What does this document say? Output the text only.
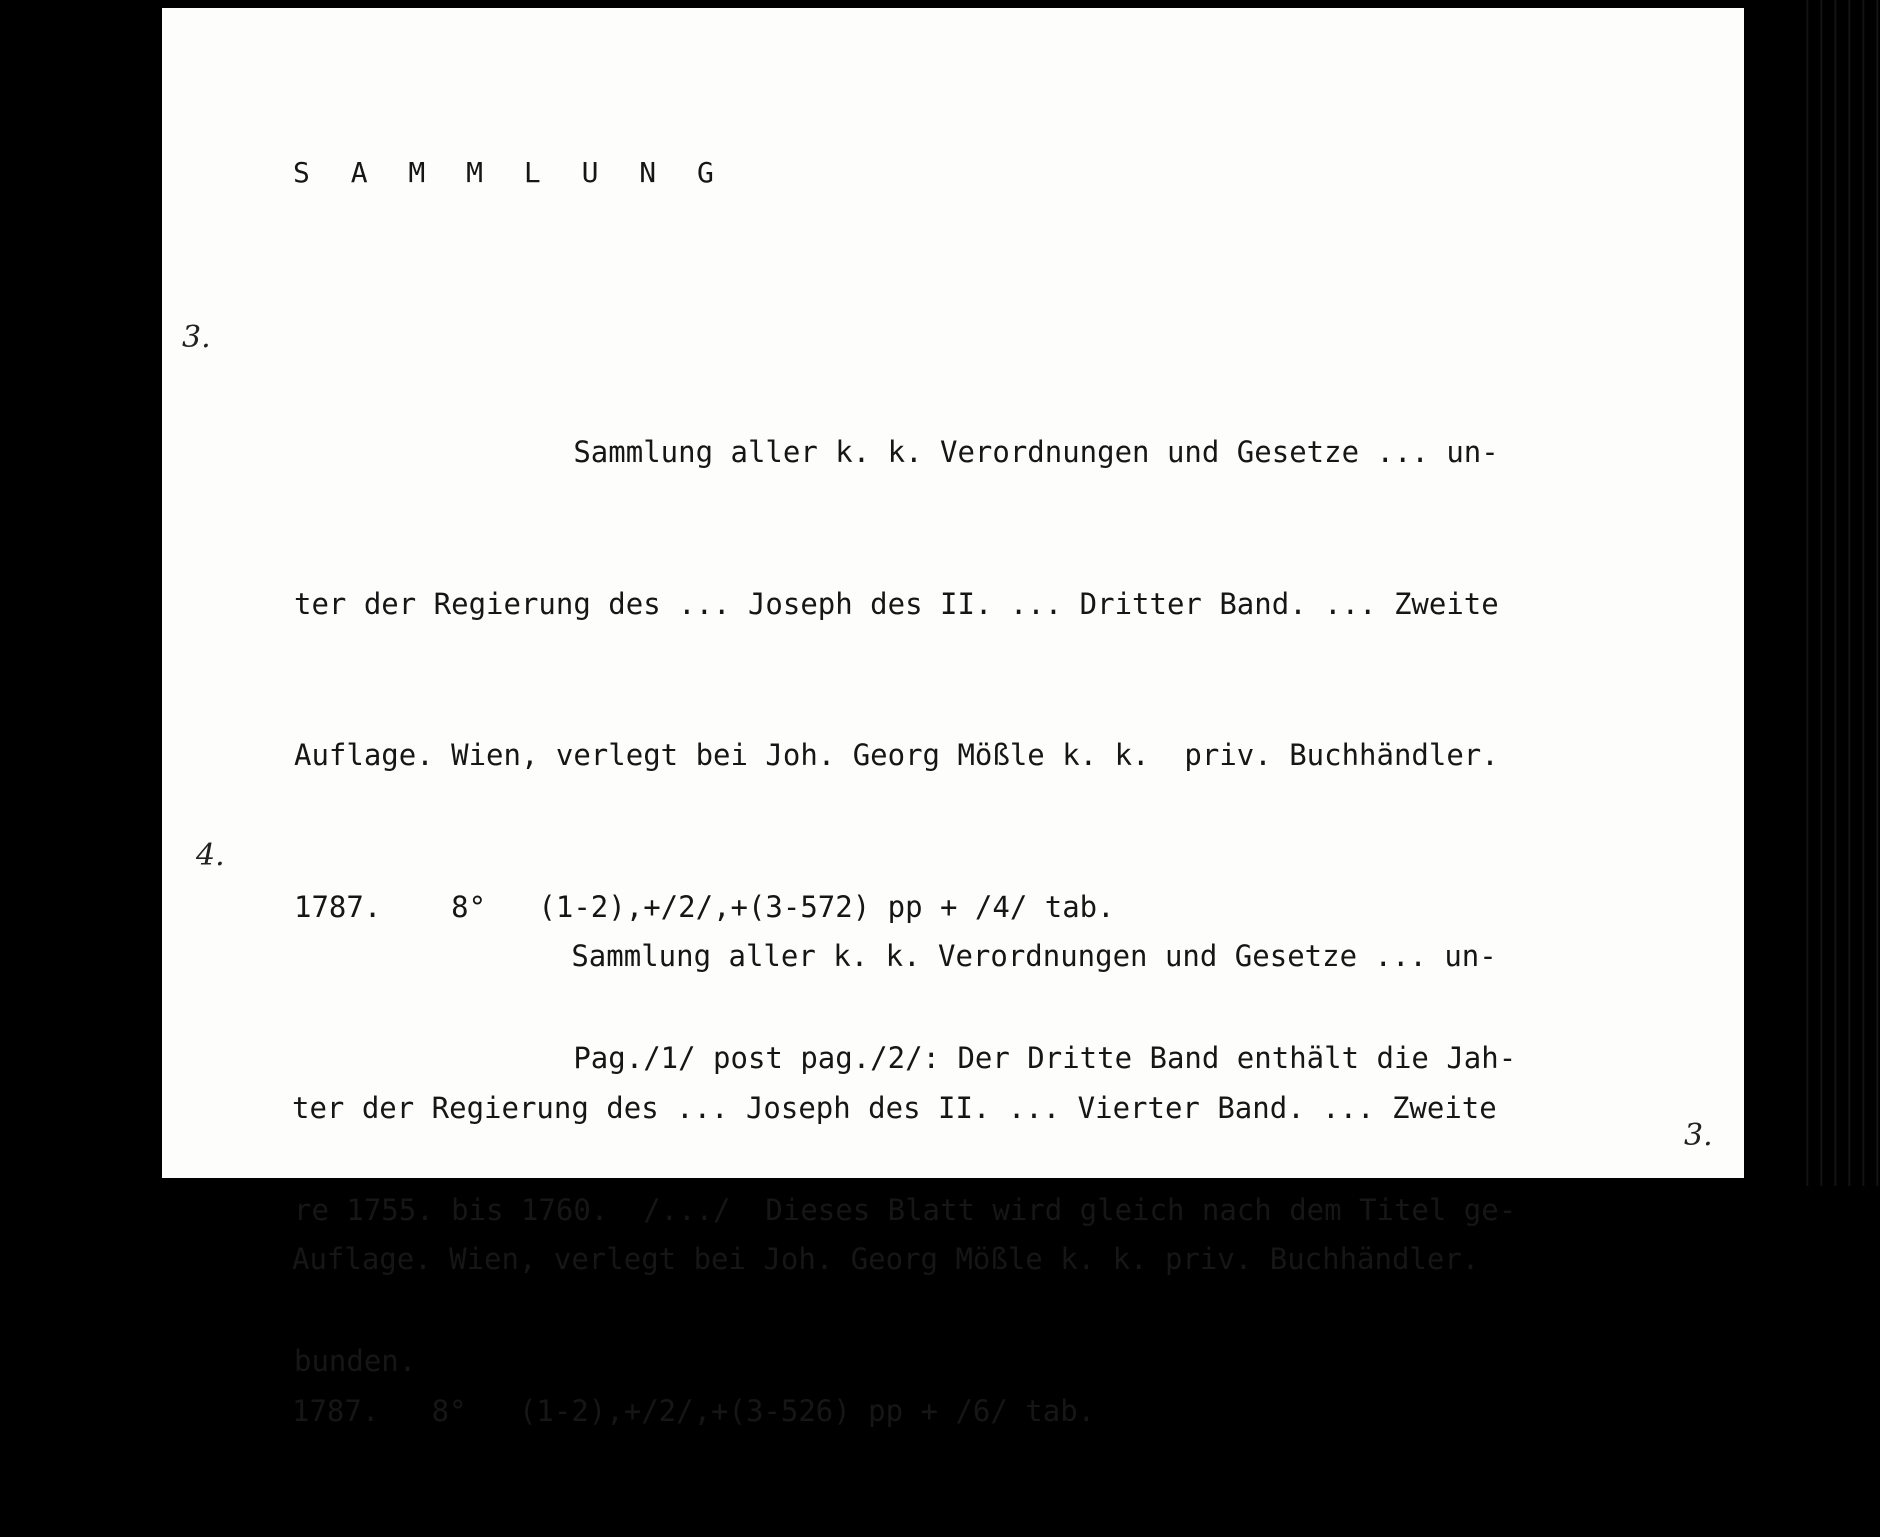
S A M M L U N G
3.

Sammlung aller k. k. Verordnungen und Gesetze ... un-

ter der Regierung des ... Joseph des II. ... Dritter Band. ... Zweite

Auflage. Wien, verlegt bei Joh. Georg Mößle k. k.  priv. Buchhändler.

1787.    8°   (1-2),+/2/,+(3-572) pp + /4/ tab.

Pag./1/ post pag./2/: Der Dritte Band enthält die Jah-

re 1755. bis 1760.  /.../  Dieses Blatt wird gleich nach dem Titel ge-

bunden.

4.

Sammlung aller k. k. Verordnungen und Gesetze ... un-

ter der Regierung des ... Joseph des II. ... Vierter Band. ... Zweite

Auflage. Wien, verlegt bei Joh. Georg Mößle k. k. priv. Buchhändler.

1787.   8°   (1-2),+/2/,+(3-526) pp + /6/ tab.

3.
